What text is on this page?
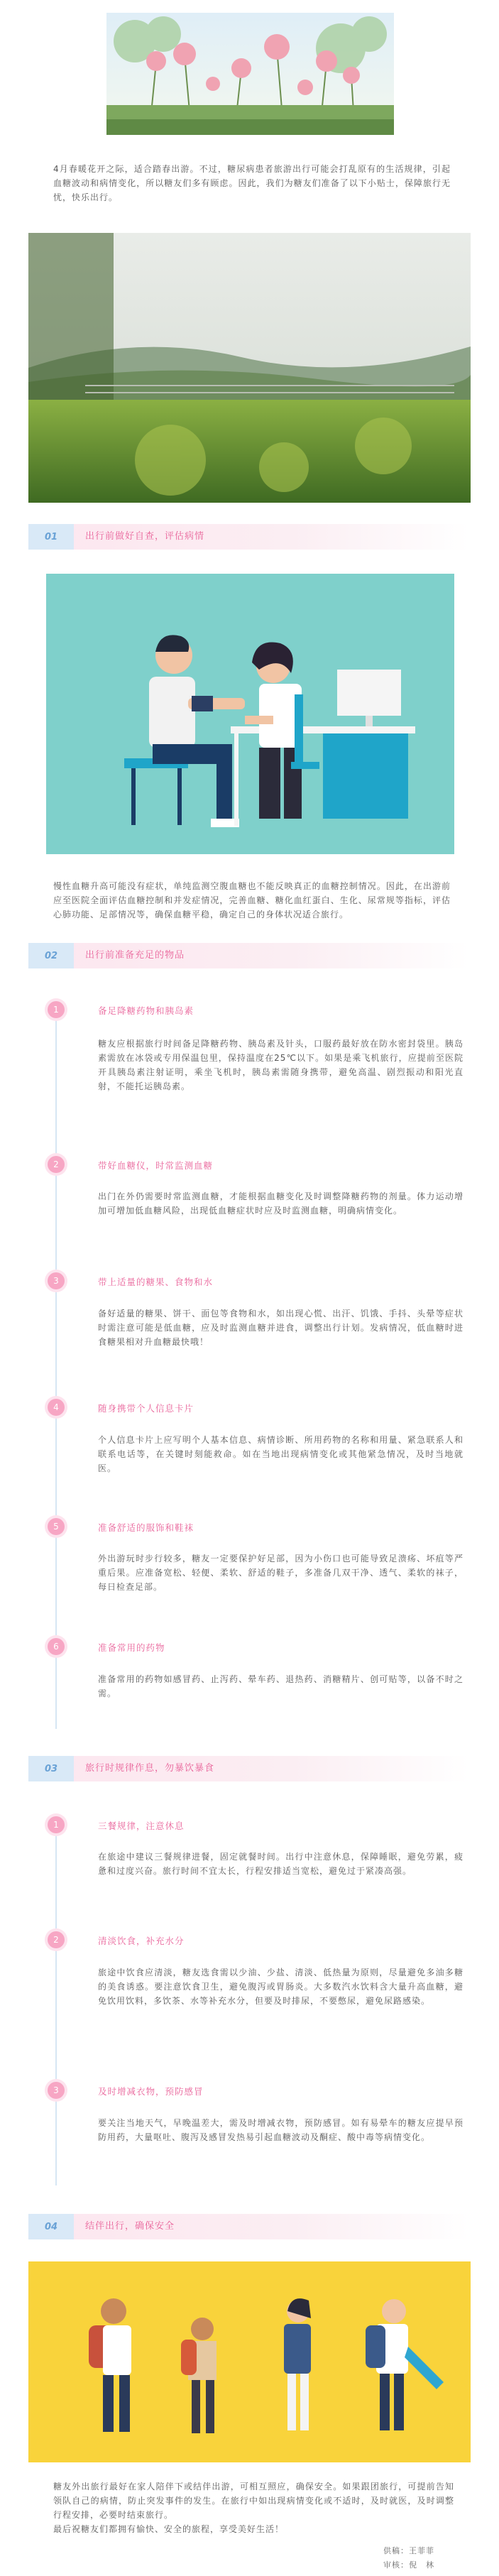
4月春暖花开之际，适合踏春出游。不过，糖尿病患者旅游出行可能会打乱原有的生活规律，引起血糖波动和病情变化，所以糖友们多有顾虑。因此，我们为糖友们准备了以下小贴士，保障旅行无忧，快乐出行。
01	出行前做好自查，评估病情
慢性血糖升高可能没有症状，单纯监测空腹血糖也不能反映真正的血糖控制情况。因此，在出游前应至医院全面评估血糖控制和并发症情况，完善血糖、糖化血红蛋白、生化、尿常规等指标，评估心肺功能、足部情况等，确保血糖平稳，确定自己的身体状况适合旅行。
02	出行前准备充足的物品
1	备足降糖药物和胰岛素
糖友应根据旅行时间备足降糖药物、胰岛素及针头，口服药最好放在防水密封袋里。胰岛素需放在冰袋或专用保温包里，保持温度在25℃以下。如果是乘飞机旅行，应提前至医院开具胰岛素注射证明，乘坐飞机时，胰岛素需随身携带，避免高温、剧烈振动和阳光直射，不能托运胰岛素。
2	带好血糖仪，时常监测血糖
出门在外仍需要时常监测血糖，才能根据血糖变化及时调整降糖药物的剂量。体力运动增加可增加低血糖风险，出现低血糖症状时应及时监测血糖，明确病情变化。
3	带上适量的糖果、食物和水
备好适量的糖果、饼干、面包等食物和水，如出现心慌、出汗、饥饿、手抖、头晕等症状时需注意可能是低血糖，应及时监测血糖并进食，调整出行计划。发病情况，低血糖时进食糖果相对升血糖最快哦！
4	随身携带个人信息卡片
个人信息卡片上应写明个人基本信息、病情诊断、所用药物的名称和用量、紧急联系人和联系电话等，在关键时刻能救命。如在当地出现病情变化或其他紧急情况，及时当地就医。
5	准备舒适的服饰和鞋袜
外出游玩时步行较多，糖友一定要保护好足部，因为小伤口也可能导致足溃疡、坏疽等严重后果。应准备宽松、轻便、柔软、舒适的鞋子，多准备几双干净、透气、柔软的袜子，每日检查足部。
6	准备常用的药物
准备常用的药物如感冒药、止泻药、晕车药、退热药、消糖精片、创可贴等，以备不时之需。
03	旅行时规律作息，勿暴饮暴食
1	三餐规律，注意休息
在旅途中建议三餐规律进餐，固定就餐时间。出行中注意休息，保障睡眠，避免劳累，疲惫和过度兴奋。旅行时间不宜太长，行程安排适当宽松，避免过于紧凑高强。
2	清淡饮食，补充水分
旅途中饮食应清淡，糖友选食需以少油、少盐、清淡、低热量为原则，尽量避免多油多糖的美食诱惑。要注意饮食卫生，避免腹泻或胃肠炎。大多数汽水饮料含大量升高血糖，避免饮用饮料，多饮茶、水等补充水分，但要及时排尿，不要憋尿，避免尿路感染。
3	及时增减衣物，预防感冒
要关注当地天气，早晚温差大，需及时增减衣物，预防感冒。如有易晕车的糖友应提早预防用药，大量呕吐、腹泻及感冒发热易引起血糖波动及酮症、酸中毒等病情变化。
04	结伴出行，确保安全
糖友外出旅行最好在家人陪伴下或结伴出游，可相互照应，确保安全。如果跟团旅行，可提前告知领队自己的病情，防止突发事件的发生。在旅行中如出现病情变化或不适时，及时就医，及时调整行程安排，必要时结束旅行。
最后祝糖友们都拥有愉快、安全的旅程，享受美好生活！
供稿：王菲菲
审核：倪　林
